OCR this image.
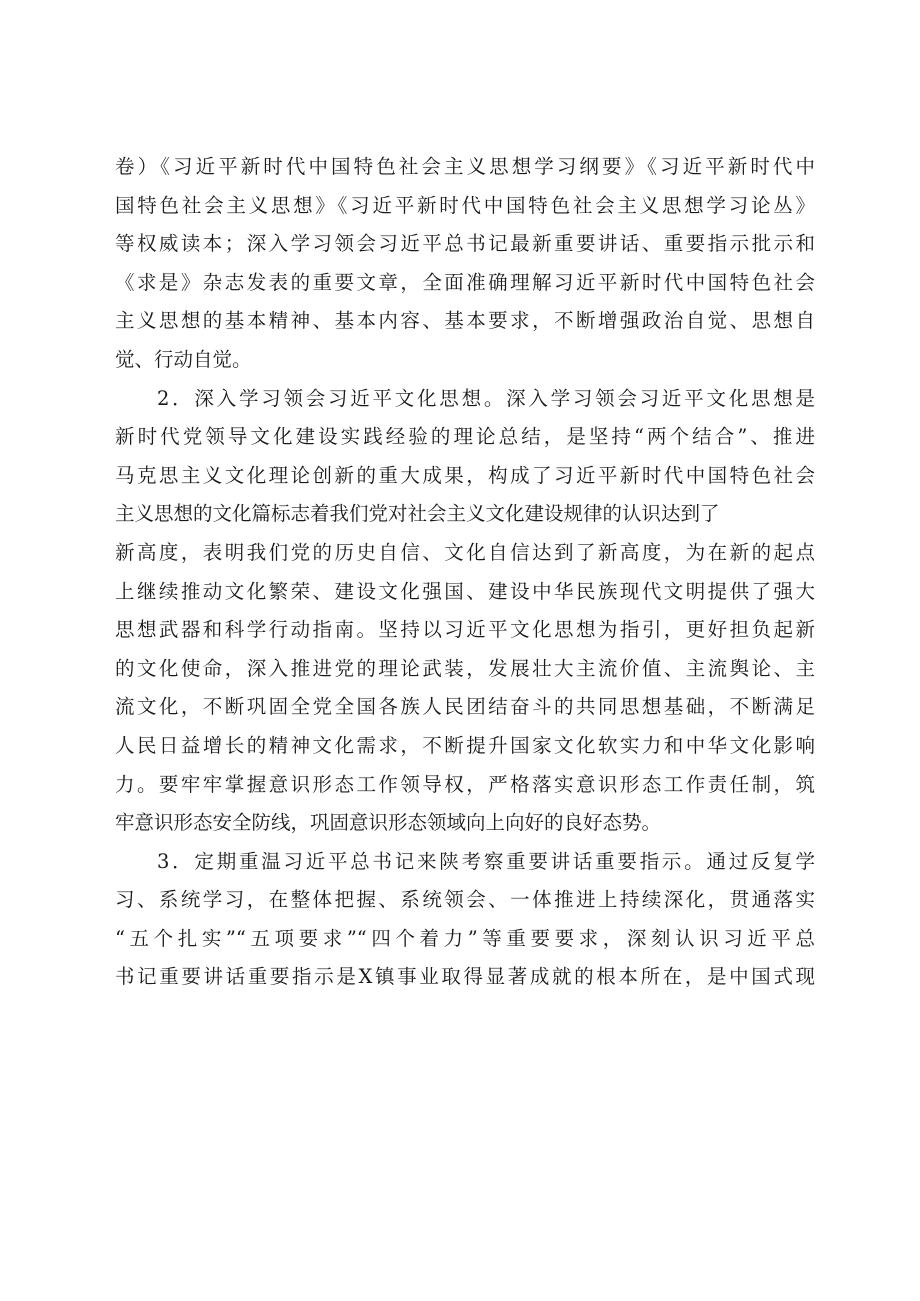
卷）《习近平新时代中国特色社会主义思想学习纲要》《习近平新时代中
国特色社会主义思想》《习近平新时代中国特色社会主义思想学习论丛》
等权威读本；深入学习领会习近平总书记最新重要讲话、重要指示批示和
《求是》杂志发表的重要文章，全面准确理解习近平新时代中国特色社会
主义思想的基本精神、基本内容、基本要求，不断增强政治自觉、思想自
觉、行动自觉。
2．深入学习领会习近平文化思想。深入学习领会习近平文化思想是
新时代党领导文化建设实践经验的理论总结，是坚持“两个结合”、推进
马克思主义文化理论创新的重大成果，构成了习近平新时代中国特色社会
主义思想的文化篇标志着我们党对社会主义文化建设规律的认识达到了
新高度，表明我们党的历史自信、文化自信达到了新高度，为在新的起点
上继续推动文化繁荣、建设文化强国、建设中华民族现代文明提供了强大
思想武器和科学行动指南。坚持以习近平文化思想为指引，更好担负起新
的文化使命，深入推进党的理论武装，发展壮大主流价值、主流舆论、主
流文化，不断巩固全党全国各族人民团结奋斗的共同思想基础，不断满足
人民日益增长的精神文化需求，不断提升国家文化软实力和中华文化影响
力。要牢牢掌握意识形态工作领导权，严格落实意识形态工作责任制，筑
牢意识形态安全防线，巩固意识形态领域向上向好的良好态势。
3．定期重温习近平总书记来陕考察重要讲话重要指示。通过反复学
习、系统学习，在整体把握、系统领会、一体推进上持续深化，贯通落实
“五个扎实”“五项要求”“四个着力”等重要要求，深刻认识习近平总
书记重要讲话重要指示是X镇事业取得显著成就的根本所在，是中国式现
